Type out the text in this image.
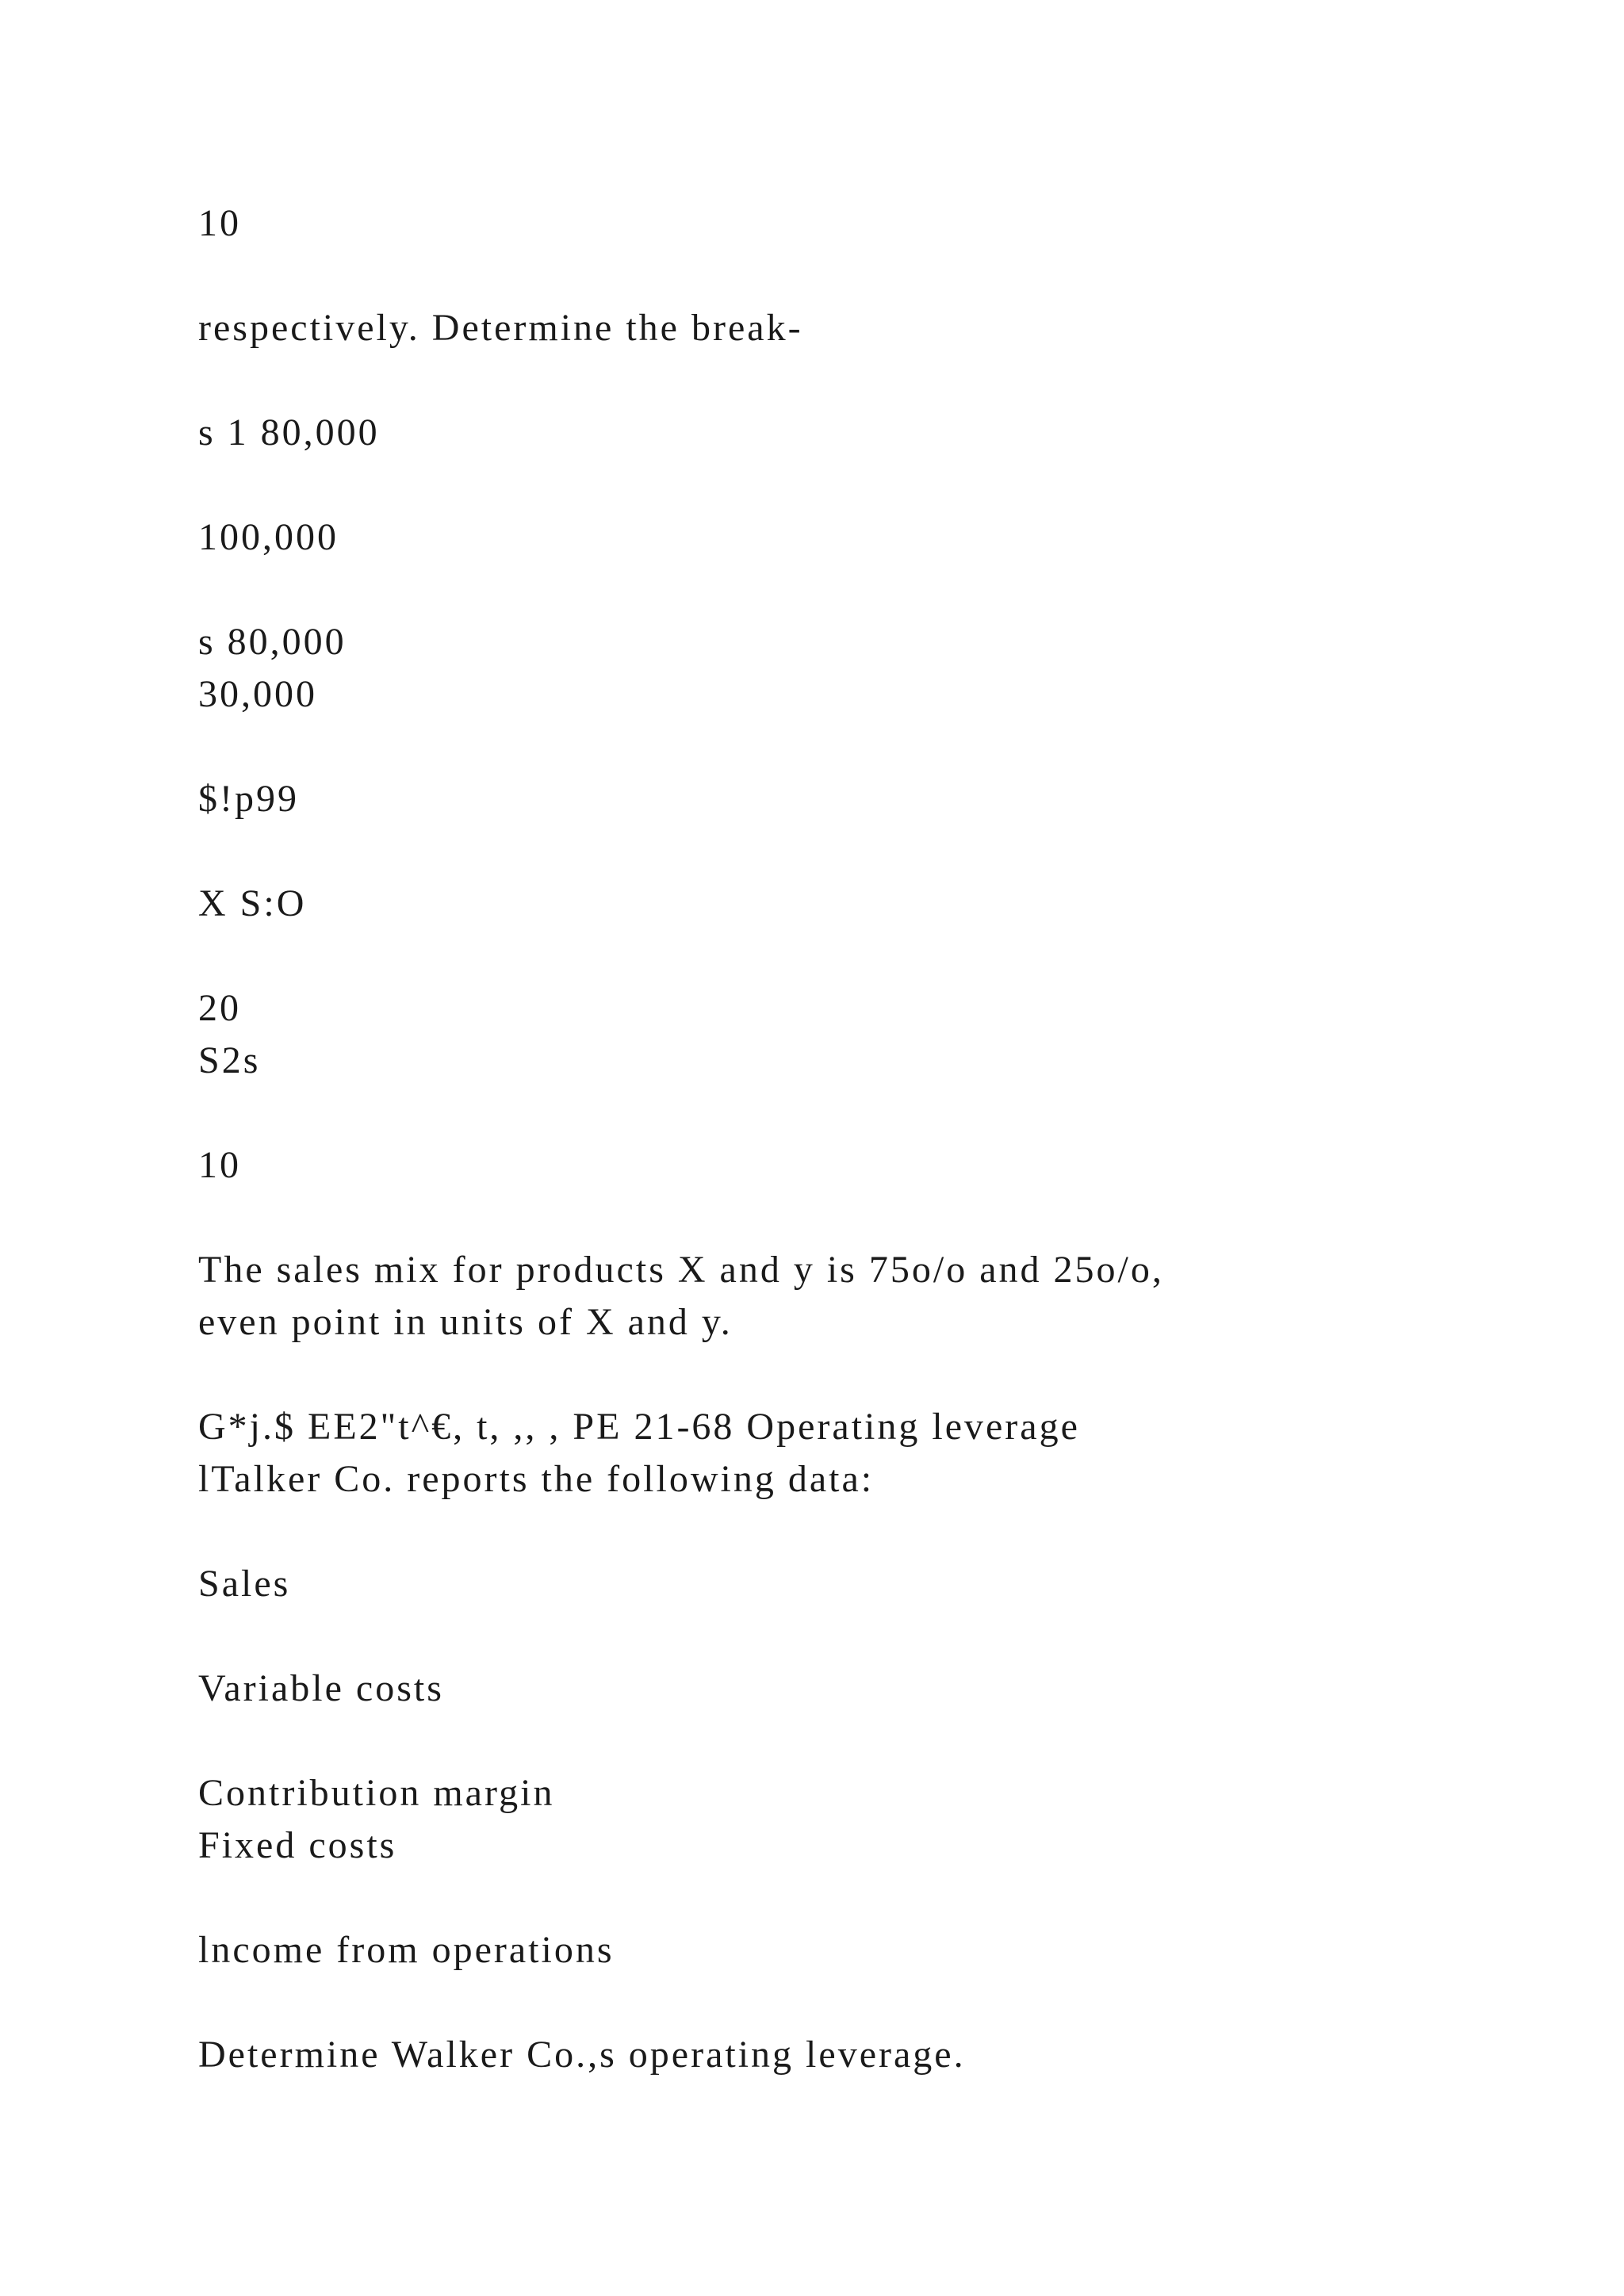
10
respectively. Determine the break-
s 1 80,000
100,000
s 80,000
30,000
$!p99
X S:O
20
S2s
10
The sales mix for products X and y is 75o/o and 25o/o,
even point in units of X and y.
G*j.$ EE2"t^€, t, ,, , PE 21-68 Operating leverage
lTalker Co. reports the following data:
Sales
Variable costs
Contribution margin
Fixed costs
lncome from operations
Determine Walker Co.,s operating leverage.
